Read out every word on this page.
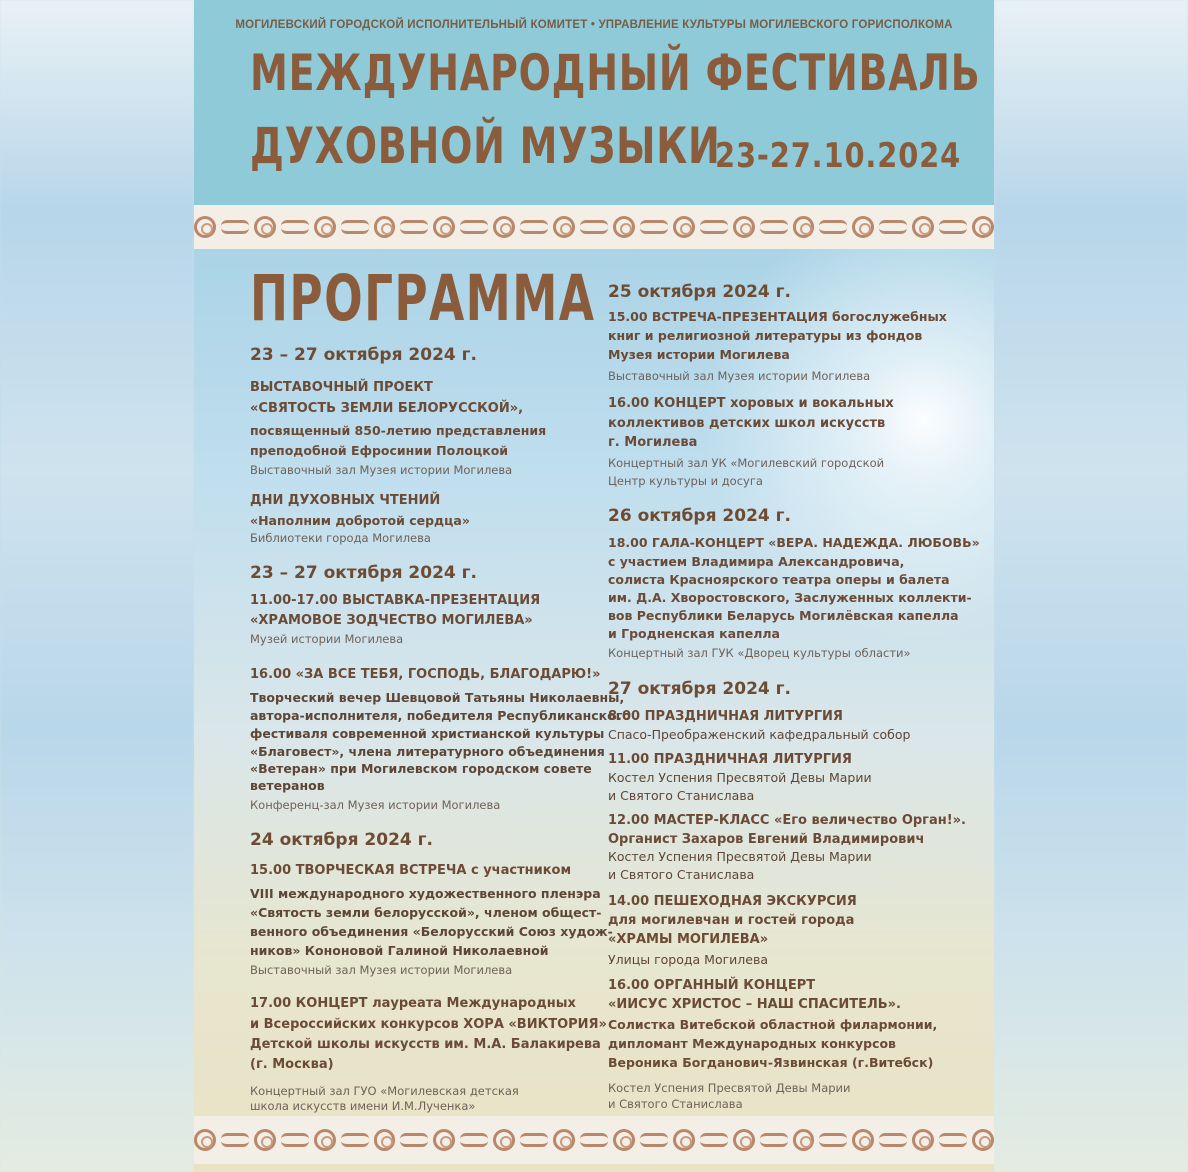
МОГИЛЕВСКИЙ ГОРОДСКОЙ ИСПОЛНИТЕЛЬНЫЙ КОМИТЕТ • УПРАВЛЕНИЕ КУЛЬТУРЫ МОГИЛЕВСКОГО ГОРИСПОЛКОМА
МЕЖДУНАРОДНЫЙ ФЕСТИВАЛЬ
ДУХОВНОЙ МУЗЫКИ
23-27.10.2024
ПРОГРАММА
23 – 27 октября 2024 г.
ВЫСТАВОЧНЫЙ ПРОЕКТ
«СВЯТОСТЬ ЗЕМЛИ БЕЛОРУССКОЙ»,
посвященный 850-летию представления
преподобной Ефросинии Полоцкой
Выставочный зал Музея истории Могилева
ДНИ ДУХОВНЫХ ЧТЕНИЙ
«Наполним добротой сердца»
Библиотеки города Могилева
23 – 27 октября 2024 г.
11.00-17.00 ВЫСТАВКА-ПРЕЗЕНТАЦИЯ
«ХРАМОВОЕ ЗОДЧЕСТВО МОГИЛЕВА»
Музей истории Могилева
16.00 «ЗА ВСЕ ТЕБЯ, ГОСПОДЬ, БЛАГОДАРЮ!»
Творческий вечер Шевцовой Татьяны Николаевны,
автора-исполнителя, победителя Республиканского
фестиваля современной христианской культуры
«Благовест», члена литературного объединения
«Ветеран» при Могилевском городском совете
ветеранов
Конференц-зал Музея истории Могилева
24 октября 2024 г.
15.00 ТВОРЧЕСКАЯ ВСТРЕЧА с участником
VIII международного художественного пленэра
«Святость земли белорусской», членом общест-
венного объединения «Белорусский Союз худож-
ников» Кононовой Галиной Николаевной
Выставочный зал Музея истории Могилева
17.00 КОНЦЕРТ лауреата Международных
и Всероссийских конкурсов ХОРА «ВИКТОРИЯ»
Детской школы искусств им. М.А. Балакирева
(г. Москва)
Концертный зал ГУО «Могилевская детская
школа искусств имени И.М.Лученка»
25 октября 2024 г.
15.00 ВСТРЕЧА-ПРЕЗЕНТАЦИЯ богослужебных
книг и религиозной литературы из фондов
Музея истории Могилева
Выставочный зал Музея истории Могилева
16.00 КОНЦЕРТ хоровых и вокальных
коллективов детских школ искусств
г. Могилева
Концертный зал УК «Могилевский городской
Центр культуры и досуга
26 октября 2024 г.
18.00 ГАЛА-КОНЦЕРТ «ВЕРА. НАДЕЖДА. ЛЮБОВЬ»
с участием Владимира Александровича,
солиста Красноярского театра оперы и балета
им. Д.А. Хворостовского, Заслуженных коллекти-
вов Республики Беларусь Могилёвская капелла
и Гродненская капелла
Концертный зал ГУК «Дворец культуры области»
27 октября 2024 г.
8.00 ПРАЗДНИЧНАЯ ЛИТУРГИЯ
Спасо-Преображенский кафедральный собор
11.00 ПРАЗДНИЧНАЯ ЛИТУРГИЯ
Костел Успения Пресвятой Девы Марии
и Святого Станислава
12.00 МАСТЕР-КЛАСС «Его величество Орган!».
Органист Захаров Евгений Владимирович
Костел Успения Пресвятой Девы Марии
и Святого Станислава
14.00 ПЕШЕХОДНАЯ ЭКСКУРСИЯ
для могилевчан и гостей города
«ХРАМЫ МОГИЛЕВА»
Улицы города Могилева
16.00 ОРГАННЫЙ КОНЦЕРТ
«ИИСУС ХРИСТОС – НАШ СПАСИТЕЛЬ».
Солистка Витебской областной филармонии,
дипломант Международных конкурсов
Вероника Богданович-Язвинская (г.Витебск)
Костел Успения Пресвятой Девы Марии
и Святого Станислава
